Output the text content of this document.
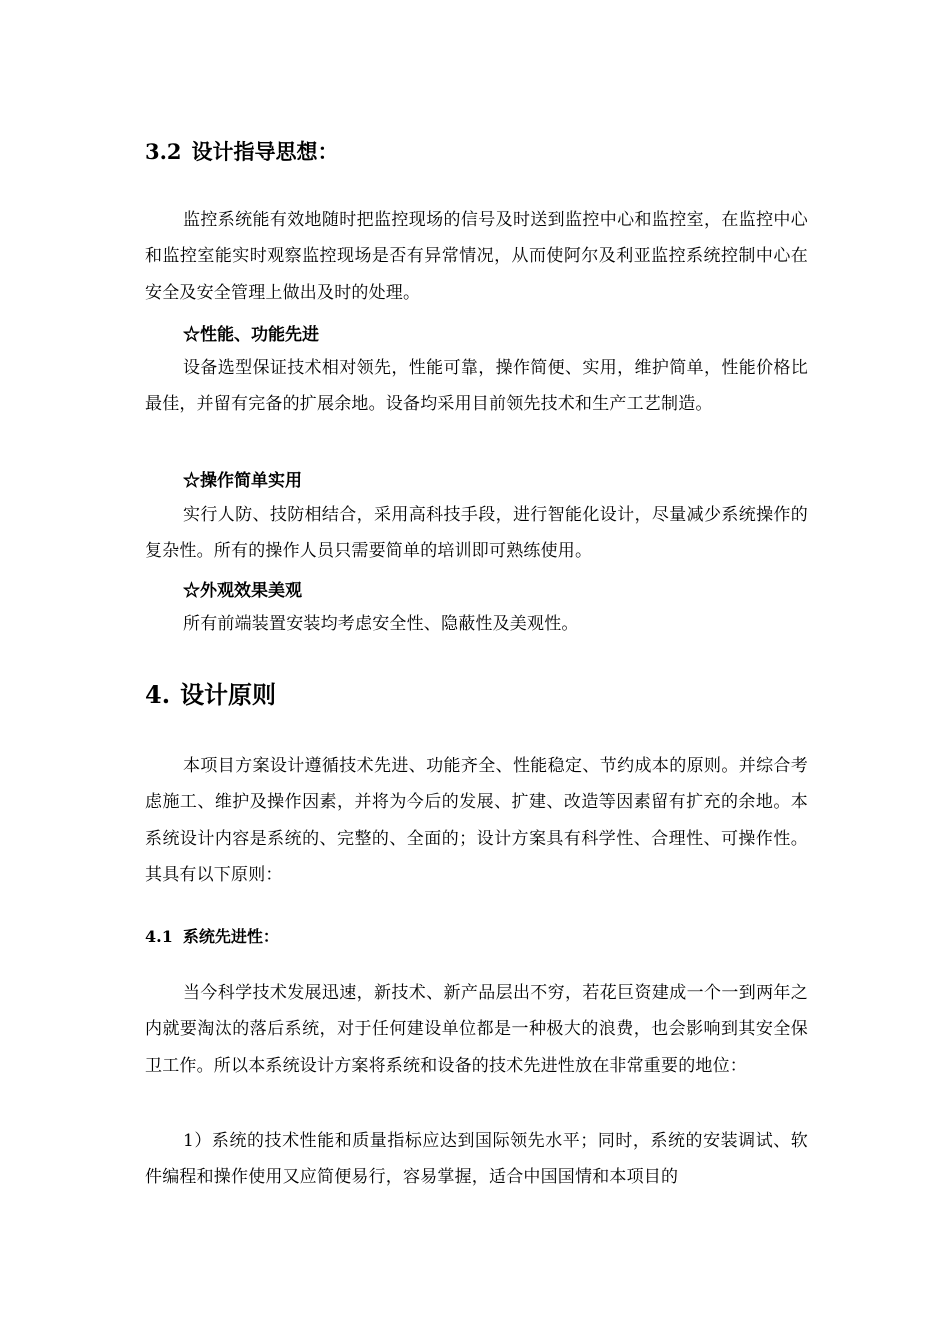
3.2 设计指导思想：

监控系统能有效地随时把监控现场的信号及时送到监控中心和监控室，在监控中心和监控室能实时观察监控现场是否有异常情况，从而使阿尔及利亚监控系统控制中心在安全及安全管理上做出及时的处理。

☆性能、功能先进

设备选型保证技术相对领先，性能可靠，操作简便、实用，维护简单，性能价格比最佳，并留有完备的扩展余地。设备均采用目前领先技术和生产工艺制造。

☆操作简单实用

实行人防、技防相结合，采用高科技手段，进行智能化设计，尽量减少系统操作的复杂性。所有的操作人员只需要简单的培训即可熟练使用。

☆外观效果美观

所有前端装置安装均考虑安全性、隐蔽性及美观性。

4. 设计原则

本项目方案设计遵循技术先进、功能齐全、性能稳定、节约成本的原则。并综合考虑施工、维护及操作因素，并将为今后的发展、扩建、改造等因素留有扩充的余地。本系统设计内容是系统的、完整的、全面的；设计方案具有科学性、合理性、可操作性。其具有以下原则：

4.1 系统先进性：

当今科学技术发展迅速，新技术、新产品层出不穷，若花巨资建成一个一到两年之内就要淘汰的落后系统，对于任何建设单位都是一种极大的浪费，也会影响到其安全保卫工作。所以本系统设计方案将系统和设备的技术先进性放在非常重要的地位：

1）系统的技术性能和质量指标应达到国际领先水平；同时，系统的安装调试、软件编程和操作使用又应简便易行，容易掌握，适合中国国情和本项目的
